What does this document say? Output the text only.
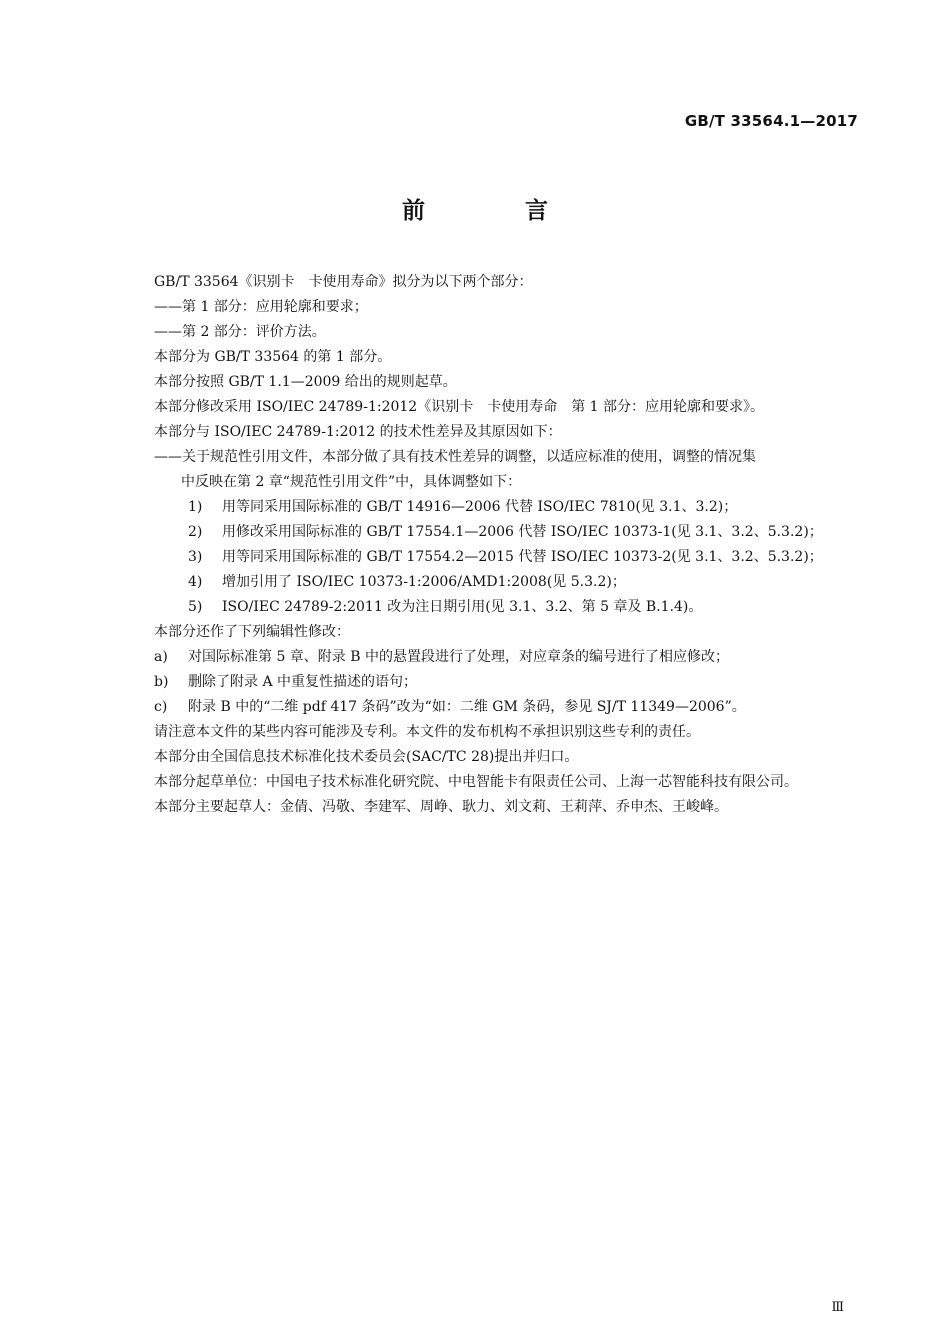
GB/T 33564.1—2017
前 言

GB/T 33564《识别卡　卡使用寿命》拟分为以下两个部分：

——第 1 部分：应用轮廓和要求；

——第 2 部分：评价方法。

本部分为 GB/T 33564 的第 1 部分。

本部分按照 GB/T 1.1—2009 给出的规则起草。

本部分修改采用 ISO/IEC 24789-1:2012《识别卡　卡使用寿命　第 1 部分：应用轮廓和要求》。

本部分与 ISO/IEC 24789-1:2012 的技术性差异及其原因如下：

——关于规范性引用文件，本部分做了具有技术性差异的调整，以适应标准的使用，调整的情况集
中反映在第 2 章“规范性引用文件”中，具体调整如下：

1)	用等同采用国际标准的 GB/T 14916—2006 代替 ISO/IEC 7810(见 3.1、3.2)；
2)	用修改采用国际标准的 GB/T 17554.1—2006 代替 ISO/IEC 10373-1(见 3.1、3.2、5.3.2)；
3)	用等同采用国际标准的 GB/T 17554.2—2015 代替 ISO/IEC 10373-2(见 3.1、3.2、5.3.2)；
4)	增加引用了 ISO/IEC 10373-1:2006/AMD1:2008(见 5.3.2)；
5)	ISO/IEC 24789-2:2011 改为注日期引用(见 3.1、3.2、第 5 章及 B.1.4)。

本部分还作了下列编辑性修改：

a)	对国际标准第 5 章、附录 B 中的悬置段进行了处理，对应章条的编号进行了相应修改；
b)	删除了附录 A 中重复性描述的语句；
c)	附录 B 中的“二维 pdf 417 条码”改为“如：二维 GM 条码，参见 SJ/T 11349—2006”。

请注意本文件的某些内容可能涉及专利。本文件的发布机构不承担识别这些专利的责任。

本部分由全国信息技术标准化技术委员会(SAC/TC 28)提出并归口。

本部分起草单位：中国电子技术标准化研究院、中电智能卡有限责任公司、上海一芯智能科技有限公司。

本部分主要起草人：金倩、冯敬、李建军、周峥、耿力、刘文莉、王莉萍、乔申杰、王峻峰。

Ⅲ
